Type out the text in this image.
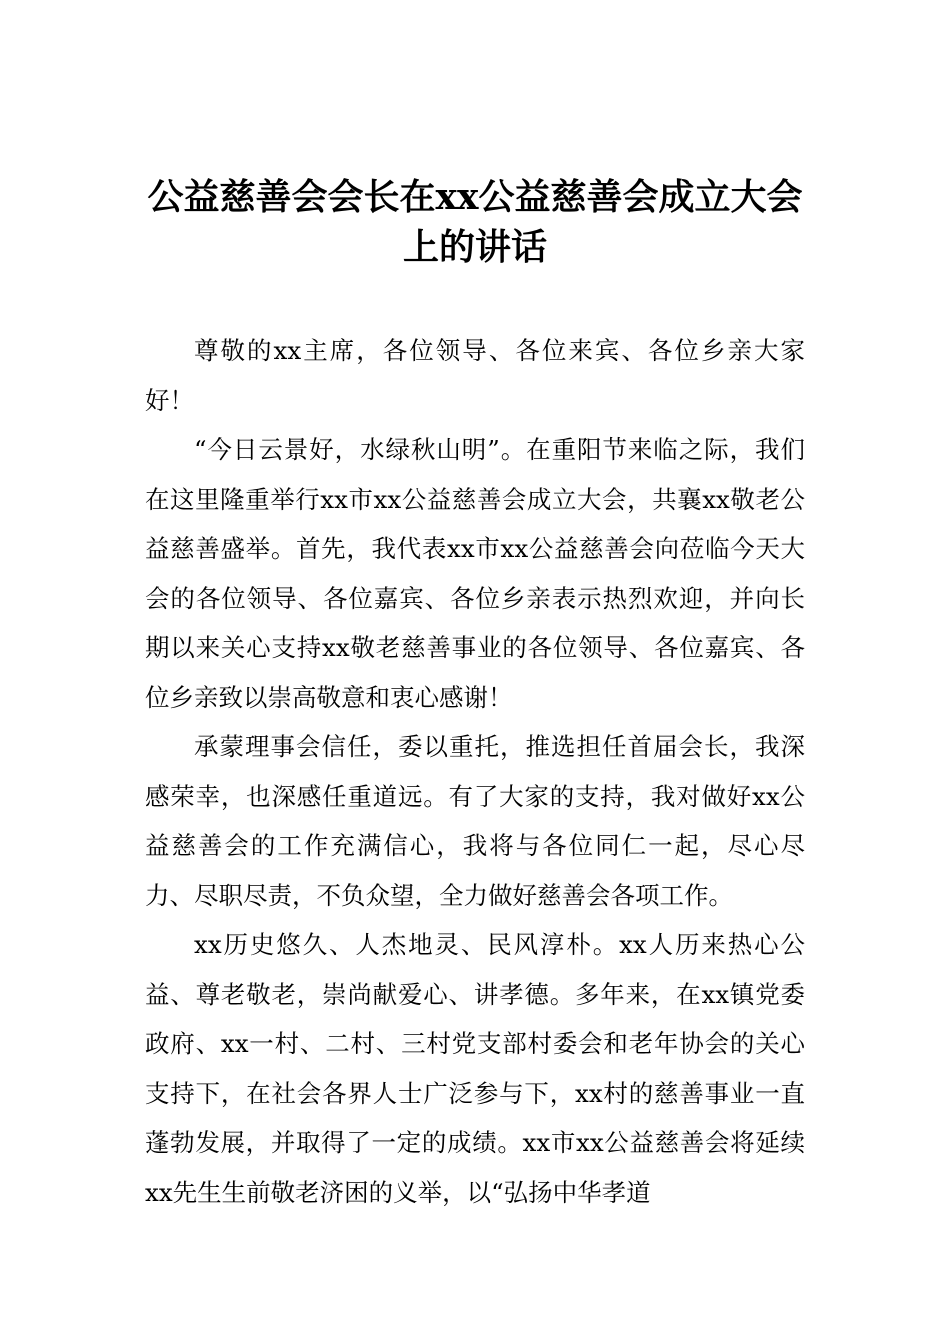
公益慈善会会长在xx公益慈善会成立大会上的讲话

尊敬的xx主席，各位领导、各位来宾、各位乡亲大家好！

“今日云景好，水绿秋山明”。在重阳节来临之际，我们在这里隆重举行xx市xx公益慈善会成立大会，共襄xx敬老公益慈善盛举。首先，我代表xx市xx公益慈善会向莅临今天大会的各位领导、各位嘉宾、各位乡亲表示热烈欢迎，并向长期以来关心支持xx敬老慈善事业的各位领导、各位嘉宾、各位乡亲致以崇高敬意和衷心感谢！

承蒙理事会信任，委以重托，推选担任首届会长，我深感荣幸，也深感任重道远。有了大家的支持，我对做好xx公益慈善会的工作充满信心，我将与各位同仁一起，尽心尽力、尽职尽责，不负众望，全力做好慈善会各项工作。

xx历史悠久、人杰地灵、民风淳朴。xx人历来热心公益、尊老敬老，崇尚献爱心、讲孝德。多年来，在xx镇党委政府、xx一村、二村、三村党支部村委会和老年协会的关心支持下，在社会各界人士广泛参与下，xx村的慈善事业一直蓬勃发展，并取得了一定的成绩。xx市xx公益慈善会将延续xx先生生前敬老济困的义举，以“弘扬中华孝道
